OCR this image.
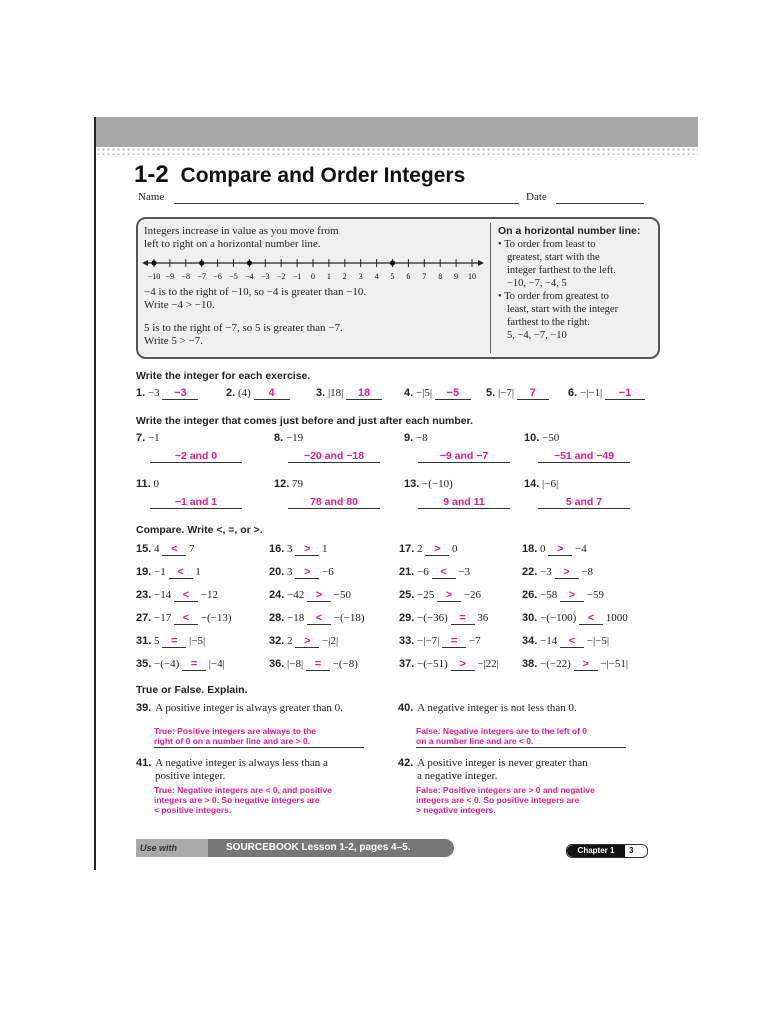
1-2 Compare and Order Integers
Name	Date

Integers increase in value as you move from

left to right on a horizontal number line.

−10 −9 −8 −7 −6 −5 −4 −3 −2 −1 0 1 2 3 4 5 6 7 8 9 10

−4 is to the right of −10, so −4 is greater than −10.

Write −4 > −10.

5 is to the right of −7, so 5 is greater than −7.

Write 5 > −7.

On a horizontal number line:

• To order from least to

greatest, start with the

integer farthest to the left.

−10, −7, −4, 5

• To order from greatest to

least, start with the integer

farthest to the right.

5, −4, −7, −10

Write the integer for each exercise.
1. −3 −3	2. (4) 4	3. |18| 18	4. −|5| −5	5. |−7| 7	6. −|−1| −1
Write the integer that comes just before and just after each number.
7. −1
−2 and 0
8. −19
−20 and −18
9. −8
−9 and −7
10. −50
−51 and −49
11. 0
−1 and 1
12. 79
78 and 80
13. −(−10)
9 and 11
14. |−6|
5 and 7
Compare. Write <, =, or >.
15. 4 < 7	16. 3 > 1	17. 2 > 0	18. 0 > −4
19. −1 < 1	20. 3 > −6	21. −6 < −3	22. −3 > −8
23. −14 < −12	24. −42 > −50	25. −25 > −26	26. −58 > −59
27. −17 < −(−13)	28. −18 < −(−18)	29. −(−36) = 36	30. −(−100) < 1000
31. 5 = |−5|	32. 2 > −|2|	33. −|−7| = −7	34. −14 < −|−5|
35. −(−4) = |−4|	36. |−8| = −(−8)	37. −(−51) > −|22| 38. −(−22) > −|−51|
True or False. Explain.
39. A positive integer is always greater than 0.
True: Positive integers are always to the
right of 0 on a number line and are > 0.
40. A negative integer is not less than 0.
False: Negative integers are to the left of 0
on a number line and are < 0.
41. A negative integer is always less than a
positive integer.
True: Negative integers are < 0, and positive
integers are > 0. So negative integers are
< positive integers.
42. A positive integer is never greater than
a negative integer.
False: Positive integers are > 0 and negative
integers are < 0. So positive integers are
> negative integers.
Use with	SOURCEBOOK Lesson 1-2, pages 4–5.	Chapter 1	3
